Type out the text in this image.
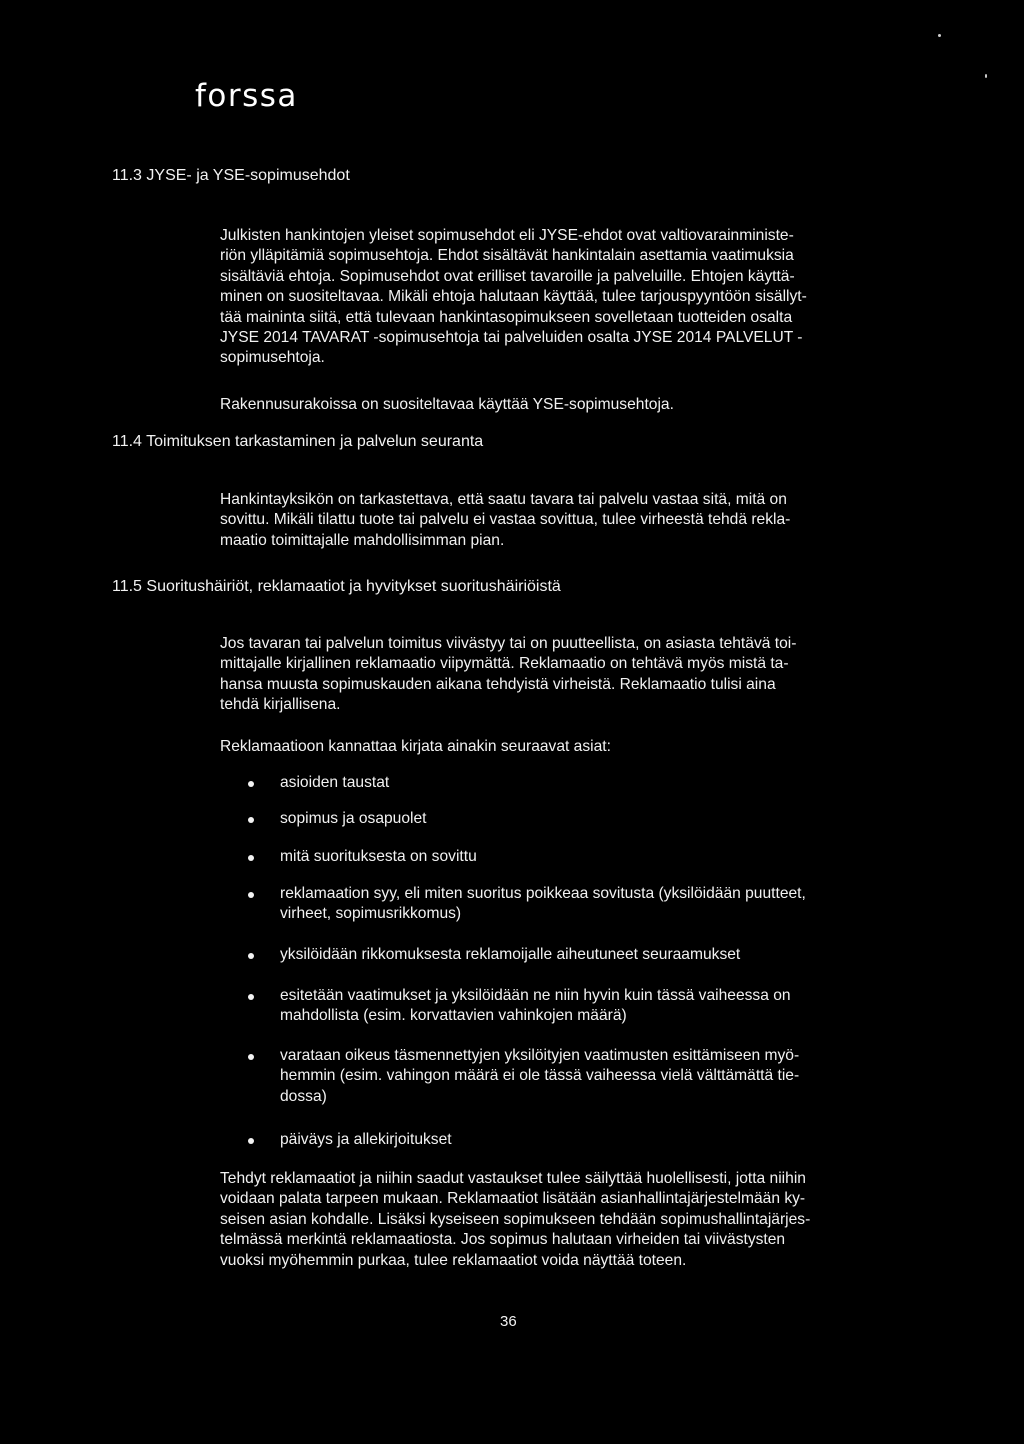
forssa
11.3 JYSE- ja YSE-sopimusehdot

Julkisten hankintojen yleiset sopimusehdot eli JYSE-ehdot ovat valtiovarainministe-

riön ylläpitämiä sopimusehtoja. Ehdot sisältävät hankintalain asettamia vaatimuksia

sisältäviä ehtoja. Sopimusehdot ovat erilliset tavaroille ja palveluille. Ehtojen käyttä-

minen on suositeltavaa. Mikäli ehtoja halutaan käyttää, tulee tarjouspyyntöön sisällyt-

tää maininta siitä, että tulevaan hankintasopimukseen sovelletaan tuotteiden osalta

JYSE 2014 TAVARAT -sopimusehtoja tai palveluiden osalta JYSE 2014 PALVELUT -

sopimusehtoja.

Rakennusurakoissa on suositeltavaa käyttää YSE-sopimusehtoja.

11.4 Toimituksen tarkastaminen ja palvelun seuranta

Hankintayksikön on tarkastettava, että saatu tavara tai palvelu vastaa sitä, mitä on

sovittu. Mikäli tilattu tuote tai palvelu ei vastaa sovittua, tulee virheestä tehdä rekla-

maatio toimittajalle mahdollisimman pian.

11.5 Suoritushäiriöt, reklamaatiot ja hyvitykset suoritushäiriöistä

Jos tavaran tai palvelun toimitus viivästyy tai on puutteellista, on asiasta tehtävä toi-

mittajalle kirjallinen reklamaatio viipymättä. Reklamaatio on tehtävä myös mistä ta-

hansa muusta sopimuskauden aikana tehdyistä virheistä. Reklamaatio tulisi aina

tehdä kirjallisena.

Reklamaatioon kannattaa kirjata ainakin seuraavat asiat:

asioiden taustat
sopimus ja osapuolet
mitä suorituksesta on sovittu
reklamaation syy, eli miten suoritus poikkeaa sovitusta (yksilöidään puutteet,
virheet, sopimusrikkomus)
yksilöidään rikkomuksesta reklamoijalle aiheutuneet seuraamukset
esitetään vaatimukset ja yksilöidään ne niin hyvin kuin tässä vaiheessa on
mahdollista (esim. korvattavien vahinkojen määrä)
varataan oikeus täsmennettyjen yksilöityjen vaatimusten esittämiseen myö-
hemmin (esim. vahingon määrä ei ole tässä vaiheessa vielä välttämättä tie-
dossa)
päiväys ja allekirjoitukset

Tehdyt reklamaatiot ja niihin saadut vastaukset tulee säilyttää huolellisesti, jotta niihin

voidaan palata tarpeen mukaan. Reklamaatiot lisätään asianhallintajärjestelmään ky-

seisen asian kohdalle. Lisäksi kyseiseen sopimukseen tehdään sopimushallintajärjes-

telmässä merkintä reklamaatiosta. Jos sopimus halutaan virheiden tai viivästysten

vuoksi myöhemmin purkaa, tulee reklamaatiot voida näyttää toteen.

36
